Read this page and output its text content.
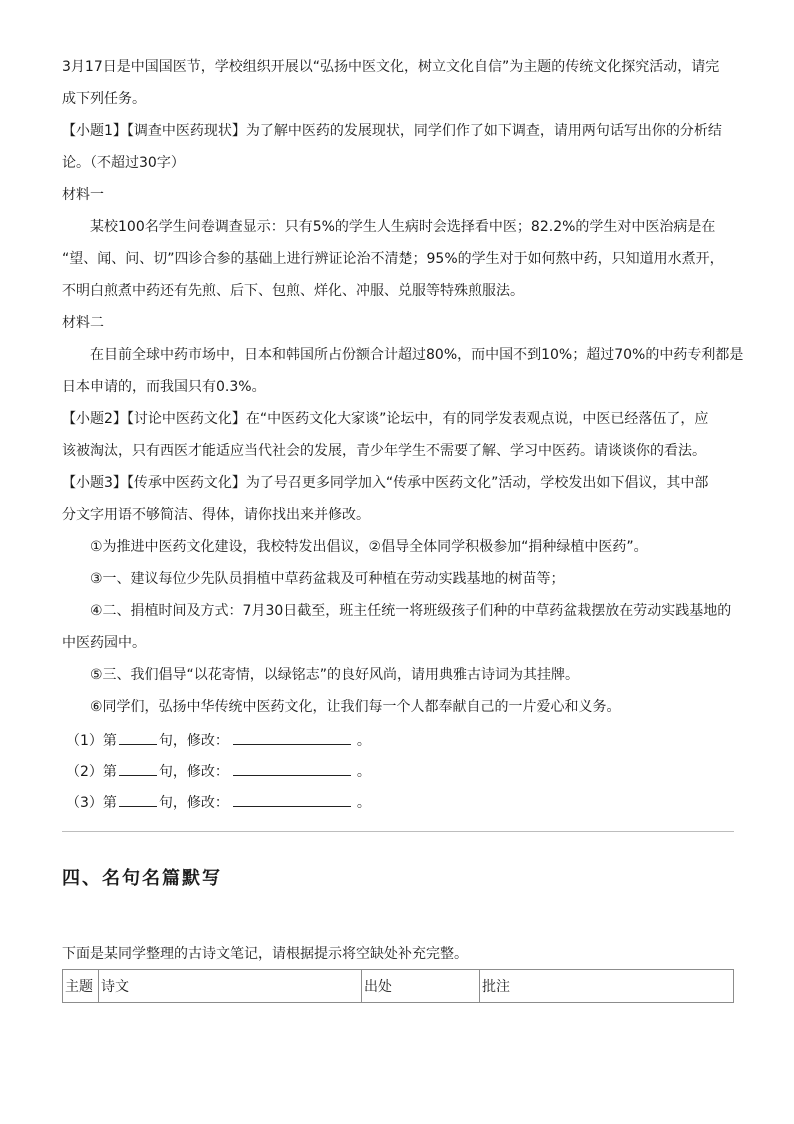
3月17日是中国国医节，学校组织开展以“弘扬中医文化，树立文化自信”为主题的传统文化探究活动，请完
成下列任务。
【小题1】【调查中医药现状】为了解中医药的发展现状，同学们作了如下调查，请用两句话写出你的分析结
论。（不超过30字）
材料一
某校100名学生问卷调查显示：只有5%的学生人生病时会选择看中医；82.2%的学生对中医治病是在
“望、闻、问、切”四诊合参的基础上进行辨证论治不清楚；95%的学生对于如何熬中药，只知道用水煮开，
不明白煎煮中药还有先煎、后下、包煎、烊化、冲服、兑服等特殊煎服法。
材料二
在目前全球中药市场中，日本和韩国所占份额合计超过80%，而中国不到10%；超过70%的中药专利都是
日本申请的，而我国只有0.3%。
【小题2】【讨论中医药文化】在“中医药文化大家谈”论坛中，有的同学发表观点说，中医已经落伍了，应
该被淘汰，只有西医才能适应当代社会的发展，青少年学生不需要了解、学习中医药。请谈谈你的看法。
【小题3】【传承中医药文化】为了号召更多同学加入“传承中医药文化”活动，学校发出如下倡议，其中部
分文字用语不够简洁、得体，请你找出来并修改。
①为推进中医药文化建设，我校特发出倡议，②倡导全体同学积极参加“捐种绿植中医药”。
③一、建议每位少先队员捐植中草药盆栽及可种植在劳动实践基地的树苗等；
④二、捐植时间及方式：7月30日截至，班主任统一将班级孩子们种的中草药盆栽摆放在劳动实践基地的
中医药园中。
⑤三、我们倡导“以花寄情，以绿铭志”的良好风尚，请用典雅古诗词为其挂牌。
⑥同学们，弘扬中华传统中医药文化，让我们每一个人都奉献自己的一片爱心和义务。
（1）第	句，修改：	。
（2）第	句，修改：	。
（3）第	句，修改：	。
四、名句名篇默写
下面是某同学整理的古诗文笔记，请根据提示将空缺处补充完整。
主题	诗文	出处	批注
